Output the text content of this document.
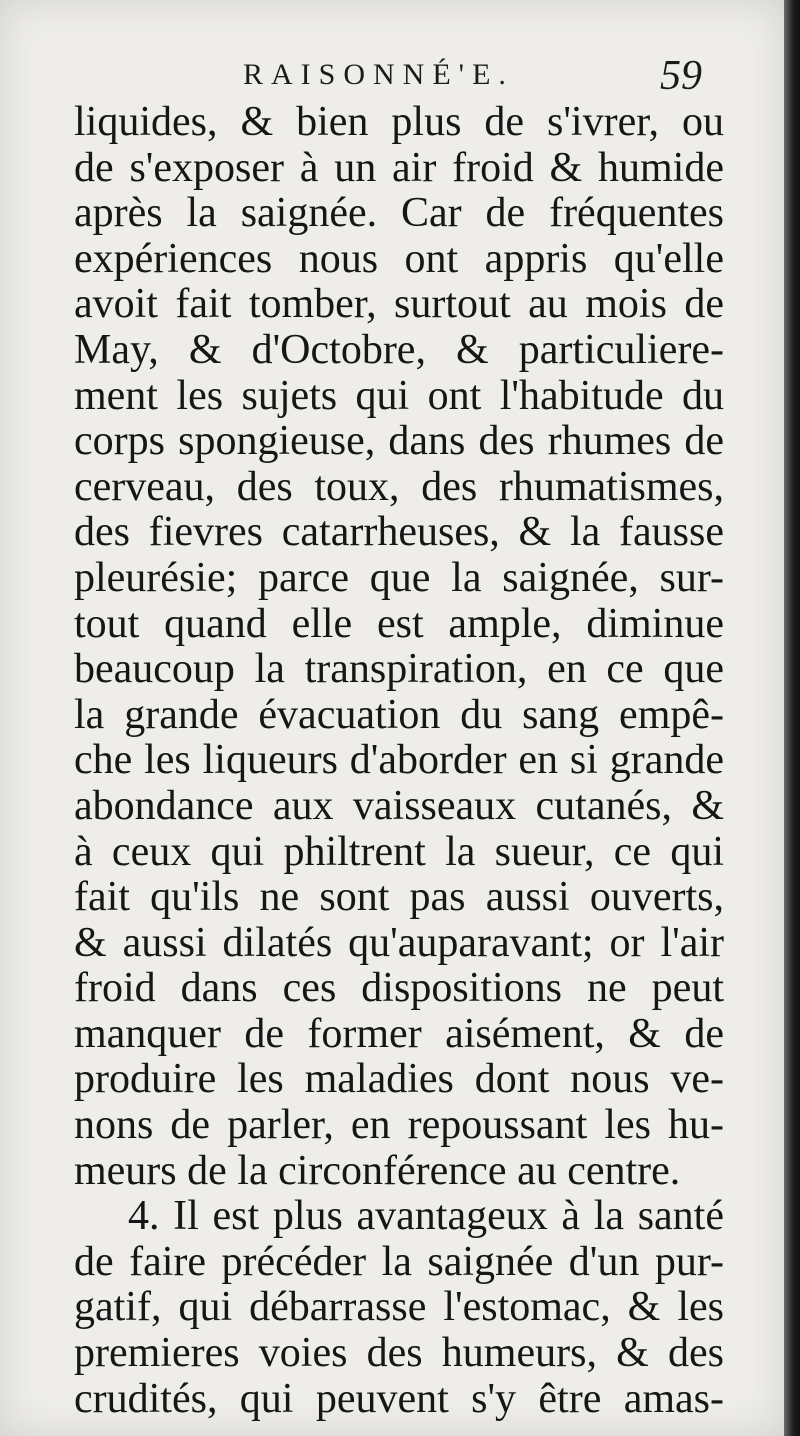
RAISONNÉ'E.	59
liquides, & bien plus de s'ivrer, ou
de s'exposer à un air froid & humide
après la saignée. Car de fréquentes
expériences nous ont appris qu'elle
avoit fait tomber, surtout au mois de
May, & d'Octobre, & particuliere-
ment les sujets qui ont l'habitude du
corps spongieuse, dans des rhumes de
cerveau, des toux, des rhumatismes,
des fievres catarrheuses, & la fausse
pleurésie; parce que la saignée, sur-
tout quand elle est ample, diminue
beaucoup la transpiration, en ce que
la grande évacuation du sang empê-
che les liqueurs d'aborder en si grande
abondance aux vaisseaux cutanés, &
à ceux qui philtrent la sueur, ce qui
fait qu'ils ne sont pas aussi ouverts,
& aussi dilatés qu'auparavant; or l'air
froid dans ces dispositions ne peut
manquer de former aisément, & de
produire les maladies dont nous ve-
nons de parler, en repoussant les hu-
meurs de la circonférence au centre.
4. Il est plus avantageux à la santé
de faire précéder la saignée d'un pur-
gatif, qui débarrasse l'estomac, & les
premieres voies des humeurs, & des
crudités, qui peuvent s'y être amas-
